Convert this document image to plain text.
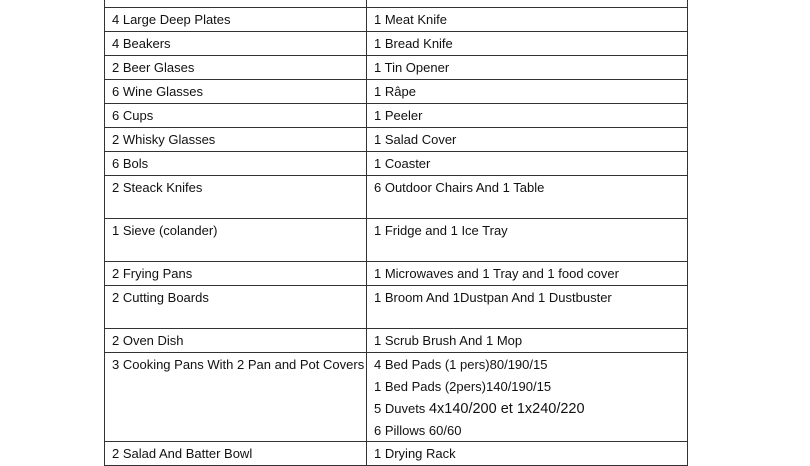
4 Large Deep Plates	1 Meat Knife
4 Beakers	1 Bread Knife
2 Beer Glases	1 Tin Opener
6 Wine Glasses	1 Râpe
6 Cups	1 Peeler
2 Whisky Glasses	1 Salad Cover
6 Bols	1 Coaster
2 Steack Knifes	6 Outdoor Chairs And 1 Table
1 Sieve (colander)	1 Fridge and 1 Ice Tray
2 Frying Pans	1 Microwaves and 1 Tray and 1 food cover
2 Cutting Boards	1 Broom And 1Dustpan And 1 Dustbuster
2 Oven Dish	1 Scrub Brush And 1 Mop
3 Cooking Pans With 2 Pan and Pot Covers	4 Bed Pads (1 pers)80/190/15
1 Bed Pads (2pers)140/190/15
5 Duvets 4x140/200 et 1x240/220
6 Pillows 60/60

2 Salad And Batter Bowl	1 Drying Rack
